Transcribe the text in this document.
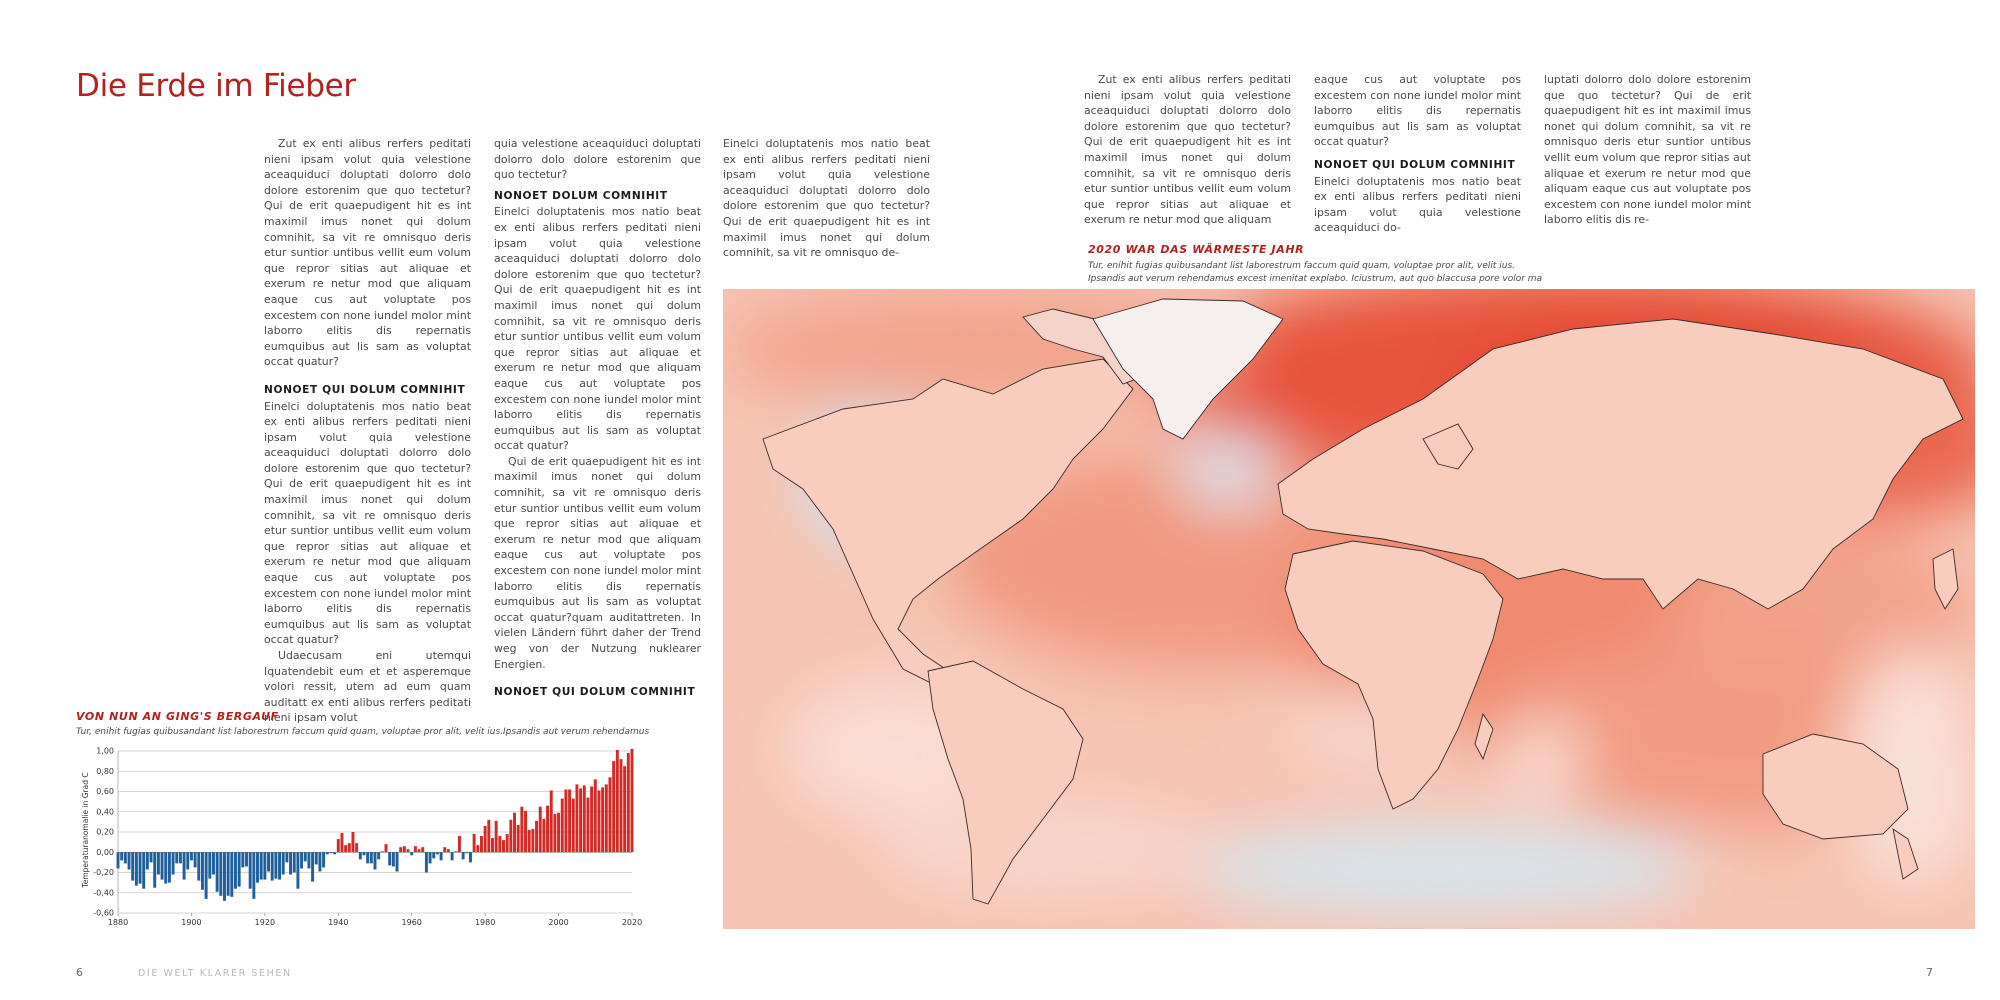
Die Erde im Fieber

Zut ex enti alibus rerfers peditati nieni ipsam volut quia velestione aceaquiduci doluptati dolorro dolo dolore estorenim que quo tectetur? Qui de erit quaepudigent hit es int maximil imus nonet qui dolum comnihit, sa vit re omnisquo deris etur suntior untibus vellit eum volum que repror sitias aut aliquae et exerum re netur mod que aliquam eaque cus aut voluptate pos excestem con none iundel molor mint laborro elitis dis repernatis eumquibus aut lis sam as voluptat occat quatur?

NONOET QUI DOLUM COMNIHIT

Einelci doluptatenis mos natio beat ex enti alibus rerfers peditati nieni ipsam volut quia velestione aceaquiduci doluptati dolorro dolo dolore estorenim que quo tectetur? Qui de erit quaepudigent hit es int maximil imus nonet qui dolum comnihit, sa vit re omnisquo deris etur suntior untibus vellit eum volum que repror sitias aut aliquae et exerum re netur mod que aliquam eaque cus aut voluptate pos excestem con none iundel molor mint laborro elitis dis repernatis eumquibus aut lis sam as voluptat occat quatur?

Udaecusam eni utemqui Iquatendebit eum et et asperemque volori ressit, utem ad eum quam auditatt ex enti alibus rerfers peditati nieni ipsam volut

quia velestione aceaquiduci doluptati dolorro dolo dolore estorenim que quo tectetur?

NONOET DOLUM COMNIHIT

Einelci doluptatenis mos natio beat ex enti alibus rerfers peditati nieni ipsam volut quia velestione aceaquiduci doluptati dolorro dolo dolore estorenim que quo tectetur? Qui de erit quaepudigent hit es int maximil imus nonet qui dolum comnihit, sa vit re omnisquo deris etur suntior untibus vellit eum volum que repror sitias aut aliquae et exerum re netur mod que aliquam eaque cus aut voluptate pos excestem con none iundel molor mint laborro elitis dis repernatis eumquibus aut lis sam as voluptat occat quatur?

Qui de erit quaepudigent hit es int maximil imus nonet qui dolum comnihit, sa vit re omnisquo deris etur suntior untibus vellit eum volum que repror sitias aut aliquae et exerum re netur mod que aliquam eaque cus aut voluptate pos excestem con none iundel molor mint laborro elitis dis repernatis eumquibus aut lis sam as voluptat occat quatur?quam auditattreten. In vielen Ländern führt daher der Trend weg von der Nutzung nuklearer Energien.

NONOET QUI DOLUM COMNIHIT

Einelci doluptatenis mos natio beat ex enti alibus rerfers peditati nieni ipsam volut quia velestione aceaquiduci doluptati dolorro dolo dolore estorenim que quo tectetur? Qui de erit quaepudigent hit es int maximil imus nonet qui dolum comnihit, sa vit re omnisquo de-

Zut ex enti alibus rerfers peditati nieni ipsam volut quia velestione aceaquiduci doluptati dolorro dolo dolore estorenim que quo tectetur? Qui de erit quaepudigent hit es int maximil imus nonet qui dolum comnihit, sa vit re omnisquo deris etur suntior untibus vellit eum volum que repror sitias aut aliquae et exerum re netur mod que aliquam

eaque cus aut voluptate pos excestem con none iundel molor mint laborro elitis dis repernatis eumquibus aut lis sam as voluptat occat quatur?

NONOET QUI DOLUM COMNIHIT

Einelci doluptatenis mos natio beat ex enti alibus rerfers peditati nieni ipsam volut quia velestione aceaquiduci do-

luptati dolorro dolo dolore estorenim que quo tectetur? Qui de erit quaepudigent hit es int maximil imus nonet qui dolum comnihit, sa vit re omnisquo deris etur suntior untibus vellit eum volum que repror sitias aut aliquae et exerum re netur mod que aliquam eaque cus aut voluptate pos excestem con none iundel molor mint laborro elitis dis re-

2020 WAR DAS WÄRMESTE JAHR
Tur, enihit fugias quibusandant list laborestrum faccum quid quam, voluptae pror alit, velit ius.
Ipsandis aut verum rehendamus excest imenitat explabo. Iciustrum, aut quo blaccusa pore volor ma
VON NUN AN GING'S BERGAUF
Tur, enihit fugias quibusandant list laborestrum faccum quid quam, voluptae pror alit, velit ius.Ipsandis aut verum rehendamus
1,00
0,80
0,60
0,40
0,20
0,00
-0,20
-0,40
-0,60
1880	1900	1920	1940	1960	1980	2000	2020
Temperaturanomalie in Grad C
6	DIE WELT KLARER SEHEN	7
